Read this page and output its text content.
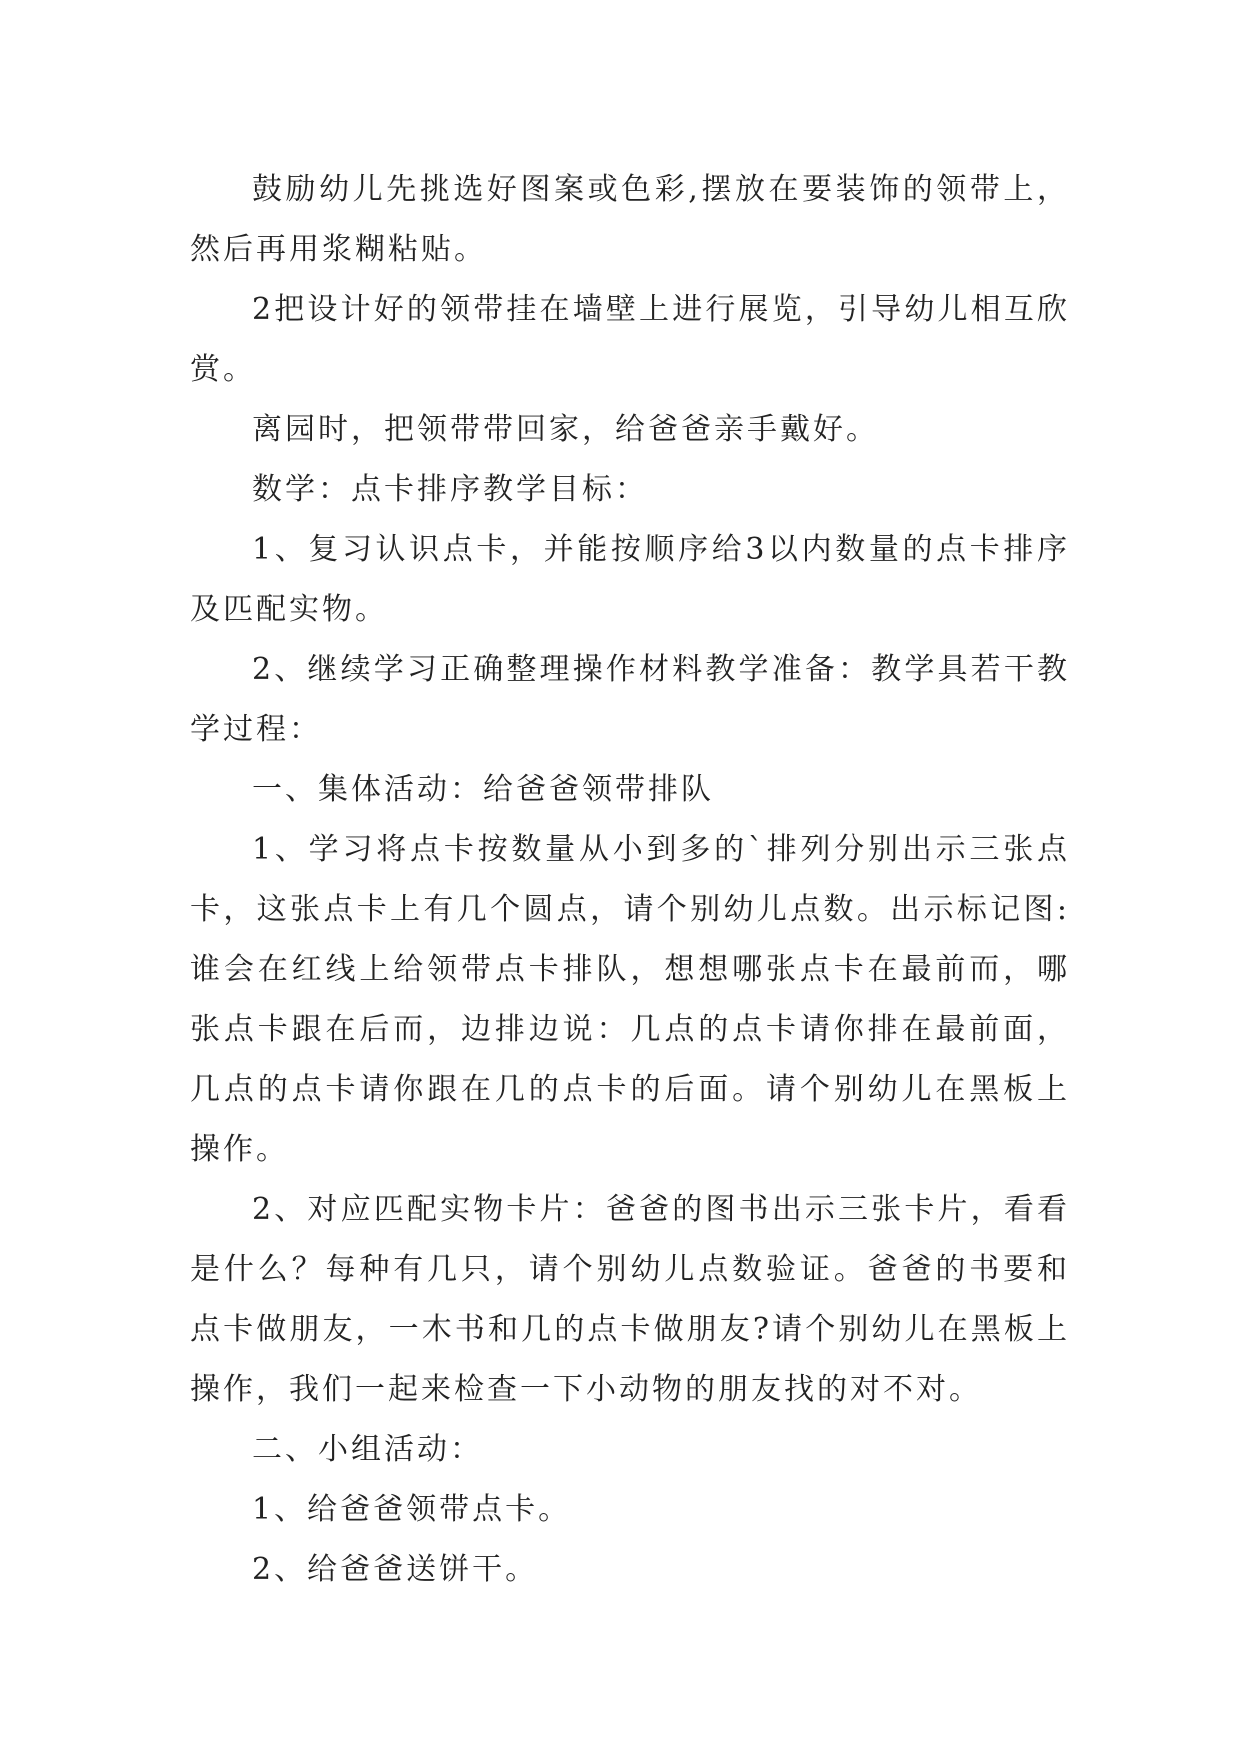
鼓励幼儿先挑选好图案或色彩,摆放在要装饰的领带上，然后再用浆糊粘贴。

2把设计好的领带挂在墙壁上进行展览，引导幼儿相互欣赏。

离园时，把领带带回家，给爸爸亲手戴好。

数学：点卡排序教学目标：

1、复习认识点卡，并能按顺序给3以内数量的点卡排序及匹配实物。

2、继续学习正确整理操作材料教学准备：教学具若干教学过程：

一、集体活动：给爸爸领带排队

1、学习将点卡按数量从小到多的`排列分别出示三张点卡，这张点卡上有几个圆点，请个别幼儿点数。出示标记图:谁会在红线上给领带点卡排队，想想哪张点卡在最前而，哪张点卡跟在后而，边排边说：几点的点卡请你排在最前面，几点的点卡请你跟在几的点卡的后面。请个别幼儿在黑板上操作。

2、对应匹配实物卡片：爸爸的图书出示三张卡片，看看是什么？每种有几只，请个别幼儿点数验证。爸爸的书要和点卡做朋友，一木书和几的点卡做朋友?请个别幼儿在黑板上操作，我们一起来检查一下小动物的朋友找的对不对。

二、小组活动：

1、给爸爸领带点卡。

2、给爸爸送饼干。
